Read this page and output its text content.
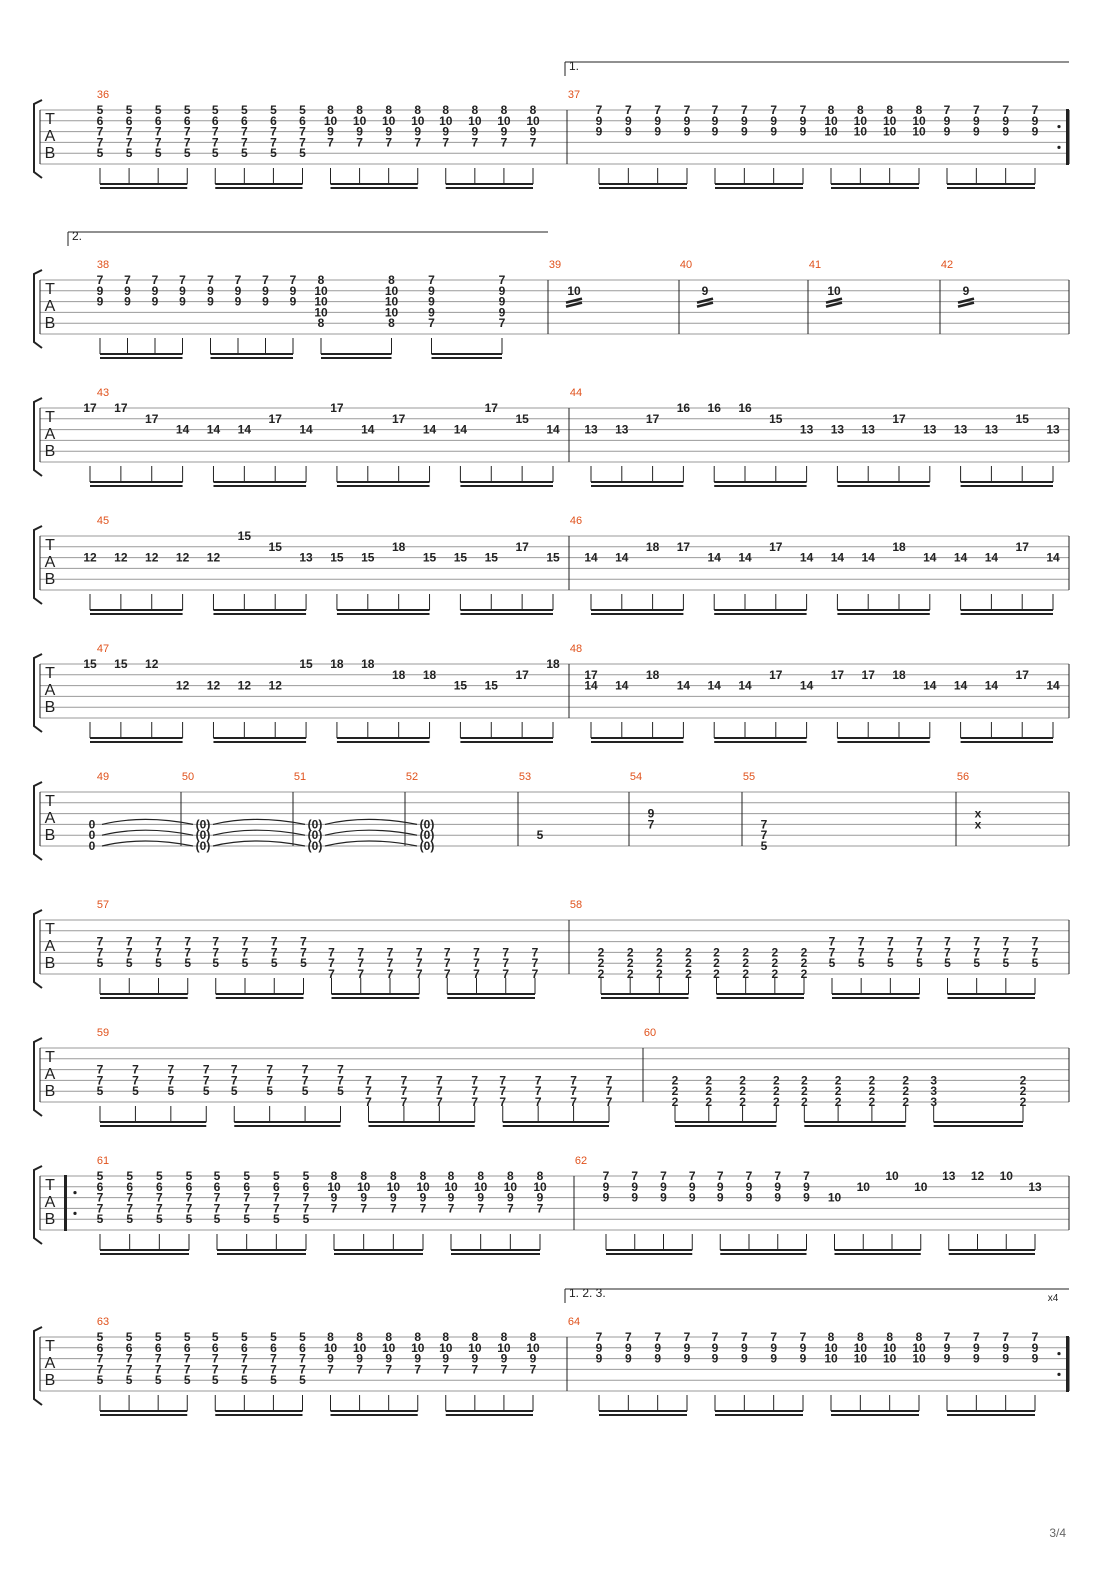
T
A
B
36
5
6
7
7
5
5
6
7
7
5
5
6
7
7
5
5
6
7
7
5
5
6
7
7
5
5
6
7
7
5
5
6
7
7
5
5
6
7
7
5
8
10
9
7
8
10
9
7
8
10
9
7
8
10
9
7
8
10
9
7
8
10
9
7
8
10
9
7
8
10
9
7
37
1.
7
9
9
7
9
9
7
9
9
7
9
9
7
9
9
7
9
9
7
9
9
7
9
9
8
10
10
8
10
10
8
10
10
8
10
10
7
9
9
7
9
9
7
9
9
7
9
9
T
A
B
38
2.
7
9
9
7
9
9
7
9
9
7
9
9
7
9
9
7
9
9
7
9
9
7
9
9
8
10
10
10
8
8
10
10
10
8
7
9
9
9
7
7
9
9
9
7
39
10
40
9
41
10
42
9
T
A
B
43
17 17
17
14 14 14
17
14
17
14
17
14 14
17
15
14
44
13 13
17
16 16 16
15
13 13 13
17
13 13 13
15
13
T
A
B
45
12 12 12 12 12
15
15
13 15 15
18
15 15 15
17
15
46
14 14
18 17
14 14
17
14 14 14
18
14 14 14
17
14
T
A
B
47
15 15 12
12 12 12 12
15 18 18
18 18
15 15
17
18
48
17
14 14
18
14 14 14
17
14
17 17 18
14 14 14
17
14
T
A
B
49
0
0
0
50
(0)
(0)
(0)
51
(0)
(0)
(0)
52
(0)
(0)
(0)
53
5
54
9
7
55
7
7
5
56
x
x
T
A
B
57
7
7
5
7
7
5
7
7
5
7
7
5
7
7
5
7
7
5
7
7
5
7
7
5
7
7
7
7
7
7
7
7
7
7
7
7
7
7
7
7
7
7
7
7
7
7
7
7
58
2
2
2
2
2
2
2
2
2
2
2
2
2
2
2
2
2
2
2
2
2
2
2
2
7
7
5
7
7
5
7
7
5
7
7
5
7
7
5
7
7
5
7
7
5
7
7
5
T
A
B
59
7
7
5
7
7
5
7
7
5
7
7
5
7
7
5
7
7
5
7
7
5
7
7
5
7
7
7
7
7
7
7
7
7
7
7
7
7
7
7
7
7
7
7
7
7
7
7
7
60
2
2
2
2
2
2
2
2
2
2
2
2
2
2
2
2
2
2
2
2
2
2
2
2
3
3
3
2
2
2
T
A
B
61
5
6
7
7
5
5
6
7
7
5
5
6
7
7
5
5
6
7
7
5
5
6
7
7
5
5
6
7
7
5
5
6
7
7
5
5
6
7
7
5
8
10
9
7
8
10
9
7
8
10
9
7
8
10
9
7
8
10
9
7
8
10
9
7
8
10
9
7
8
10
9
7
62
7
9
9
7
9
9
7
9
9
7
9
9
7
9
9
7
9
9
7
9
9
7
9
9 10
10
10
10
13 12 10
13
T
A
B
63
5
6
7
7
5
5
6
7
7
5
5
6
7
7
5
5
6
7
7
5
5
6
7
7
5
5
6
7
7
5
5
6
7
7
5
5
6
7
7
5
8
10
9
7
8
10
9
7
8
10
9
7
8
10
9
7
8
10
9
7
8
10
9
7
8
10
9
7
8
10
9
7
64
1. 2. 3.	x4
7
9
9
7
9
9
7
9
9
7
9
9
7
9
9
7
9
9
7
9
9
7
9
9
8
10
10
8
10
10
8
10
10
8
10
10
7
9
9
7
9
9
7
9
9
7
9
9
3/4
